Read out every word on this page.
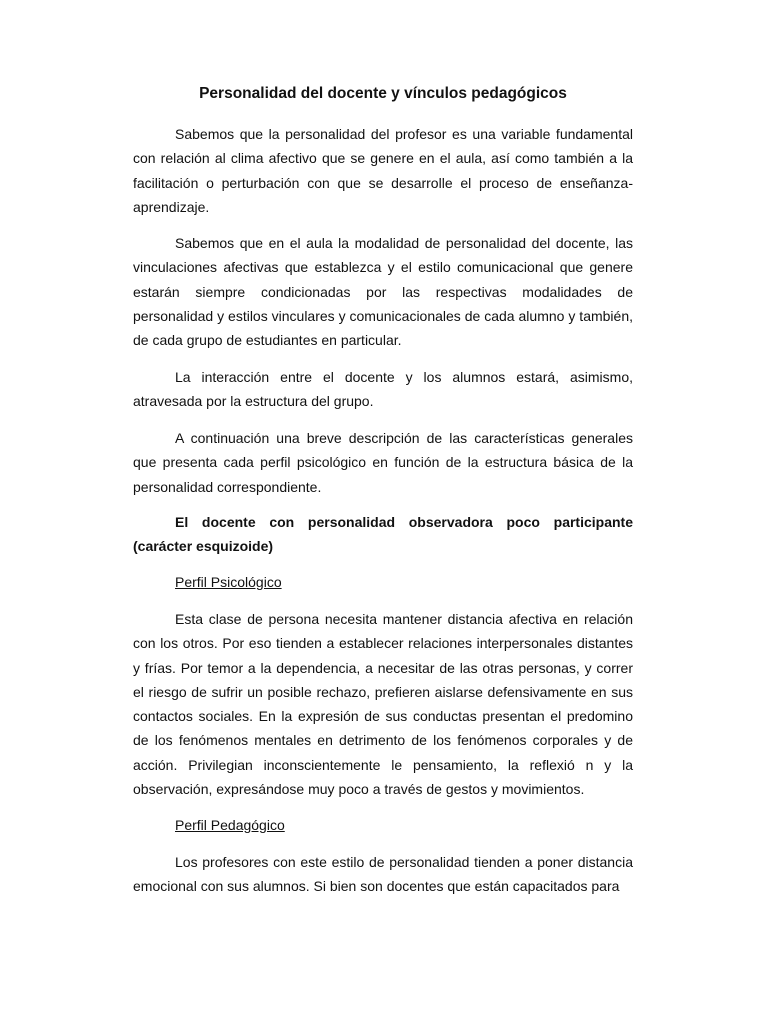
Personalidad del docente y vínculos pedagógicos
Sabemos que la personalidad del profesor es una variable fundamental con relación al clima afectivo que se genere en el aula, así como también a la facilitación o perturbación con que se desarrolle el proceso de enseñanza-aprendizaje.
Sabemos que en el aula la modalidad de personalidad del docente, las vinculaciones afectivas que establezca y el estilo comunicacional que genere estarán siempre condicionadas por las respectivas modalidades de personalidad y estilos vinculares y comunicacionales de cada alumno y también, de cada grupo de estudiantes en particular.
La interacción entre el docente y los alumnos estará, asimismo, atravesada por la estructura del grupo.
A continuación una breve descripción de las características generales que presenta cada perfil psicológico en función de la estructura básica de la personalidad correspondiente.
El docente con personalidad observadora poco participante (carácter esquizoide)
Perfil Psicológico
Esta clase de persona necesita mantener distancia afectiva en relación con los otros. Por eso tienden a establecer relaciones interpersonales distantes y frías. Por temor a la dependencia, a necesitar de las otras personas, y correr el riesgo de sufrir un posible rechazo, prefieren aislarse defensivamente en sus contactos sociales. En la expresión de sus conductas presentan el predomino de los fenómenos mentales en detrimento de los fenómenos corporales y de acción. Privilegian inconscientemente le pensamiento, la reflexió n y la observación, expresándose muy poco a través de gestos y movimientos.
Perfil Pedagógico
Los profesores con este estilo de personalidad tienden a poner distancia emocional con sus alumnos. Si bien son docentes que están capacitados para
